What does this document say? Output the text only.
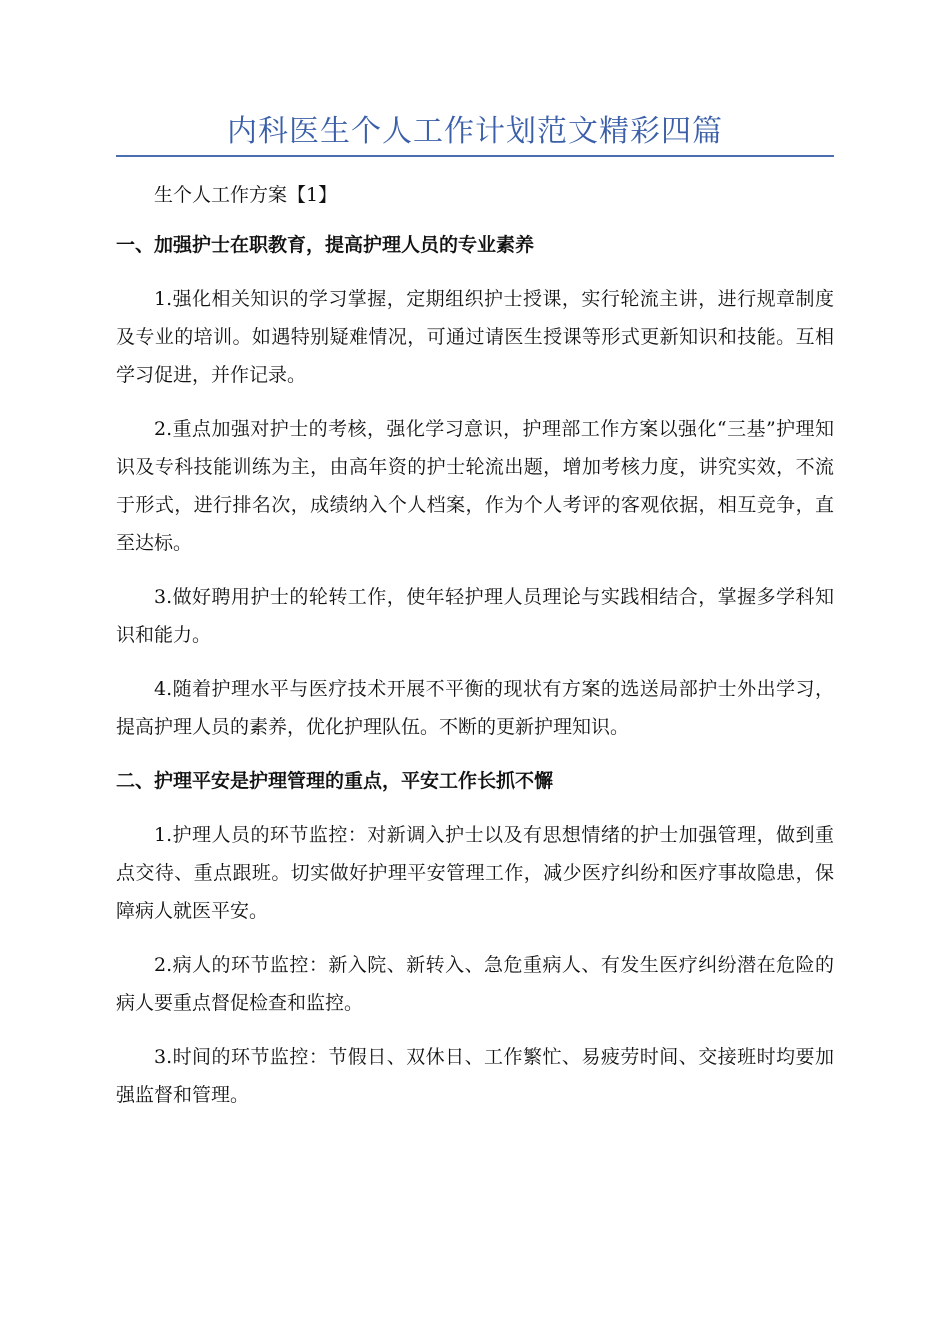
内科医生个人工作计划范文精彩四篇

生个人工作方案【1】

一、加强护士在职教育，提高护理人员的专业素养

1.强化相关知识的学习掌握，定期组织护士授课，实行轮流主讲，进行规章制度及专业的培训。如遇特别疑难情况，可通过请医生授课等形式更新知识和技能。互相学习促进，并作记录。

2.重点加强对护士的考核，强化学习意识，护理部工作方案以强化“三基”护理知识及专科技能训练为主，由高年资的护士轮流出题，增加考核力度，讲究实效，不流于形式，进行排名次，成绩纳入个人档案，作为个人考评的客观依据，相互竞争，直至达标。

3.做好聘用护士的轮转工作，使年轻护理人员理论与实践相结合，掌握多学科知识和能力。

4.随着护理水平与医疗技术开展不平衡的现状有方案的选送局部护士外出学习，提高护理人员的素养，优化护理队伍。不断的更新护理知识。

二、护理平安是护理管理的重点，平安工作长抓不懈

1.护理人员的环节监控：对新调入护士以及有思想情绪的护士加强管理，做到重点交待、重点跟班。切实做好护理平安管理工作，减少医疗纠纷和医疗事故隐患，保障病人就医平安。

2.病人的环节监控：新入院、新转入、急危重病人、有发生医疗纠纷潜在危险的病人要重点督促检查和监控。

3.时间的环节监控：节假日、双休日、工作繁忙、易疲劳时间、交接班时均要加强监督和管理。
